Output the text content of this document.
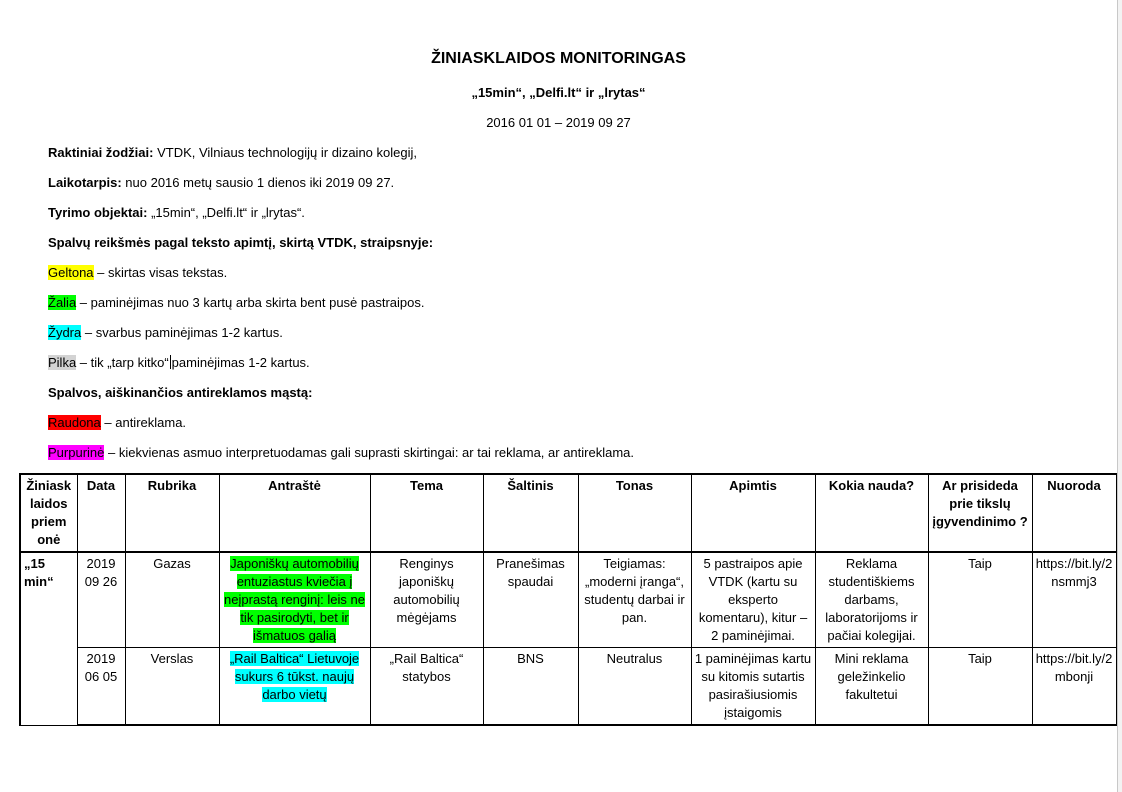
ŽINIASKLAIDOS MONITORINGAS
„15min“, „Delfi.lt“ ir „lrytas“
2016 01 01 – 2019 09 27
Raktiniai žodžiai: VTDK, Vilniaus technologijų ir dizaino kolegij,
Laikotarpis: nuo 2016 metų sausio 1 dienos iki 2019 09 27.
Tyrimo objektai: „15min“, „Delfi.lt“ ir „lrytas“.
Spalvų reikšmės pagal teksto apimtį, skirtą VTDK, straipsnyje:
Geltona – skirtas visas tekstas.
Žalia – paminėjimas nuo 3 kartų arba skirta bent pusė pastraipos.
Žydra – svarbus paminėjimas 1-2 kartus.
Pilka – tik „tarp kitko“ paminėjimas 1-2 kartus.
Spalvos, aiškinančios antireklamos mąstą:
Raudona – antireklama.
Purpurinė – kiekvienas asmuo interpretuodamas gali suprasti skirtingai: ar tai reklama, ar antireklama.
Žiniask laidos priem onė	Data	Rubrika	Antraštė	Tema	Šaltinis	Tonas	Apimtis	Kokia nauda?	Ar prisideda prie tikslų įgyvendinimo ?	Nuoroda
„15 min“	2019 09 26	Gazas	Japoniškų automobilių entuziastus kviečia į neįprastą renginį: leis ne tik pasirodyti, bet ir išmatuos galią	Renginys japoniškų automobilių mėgėjams	Pranešimas spaudai	Teigiamas: „moderni įranga“, studentų darbai ir pan.	5 pastraipos apie VTDK (kartu su eksperto komentaru), kitur – 2 paminėjimai.	Reklama studentiškiems darbams, laboratorijoms ir pačiai kolegijai.	Taip	https://bit.ly/2nsmmj3
	2019 06 05	Verslas	„Rail Baltica“ Lietuvoje sukurs 6 tūkst. naujų darbo vietų	„Rail Baltica“ statybos	BNS	Neutralus	1 paminėjimas kartu su kitomis sutartis pasirašiusiomis įstaigomis	Mini reklama geležinkelio fakultetui	Taip	https://bit.ly/2mbonji
